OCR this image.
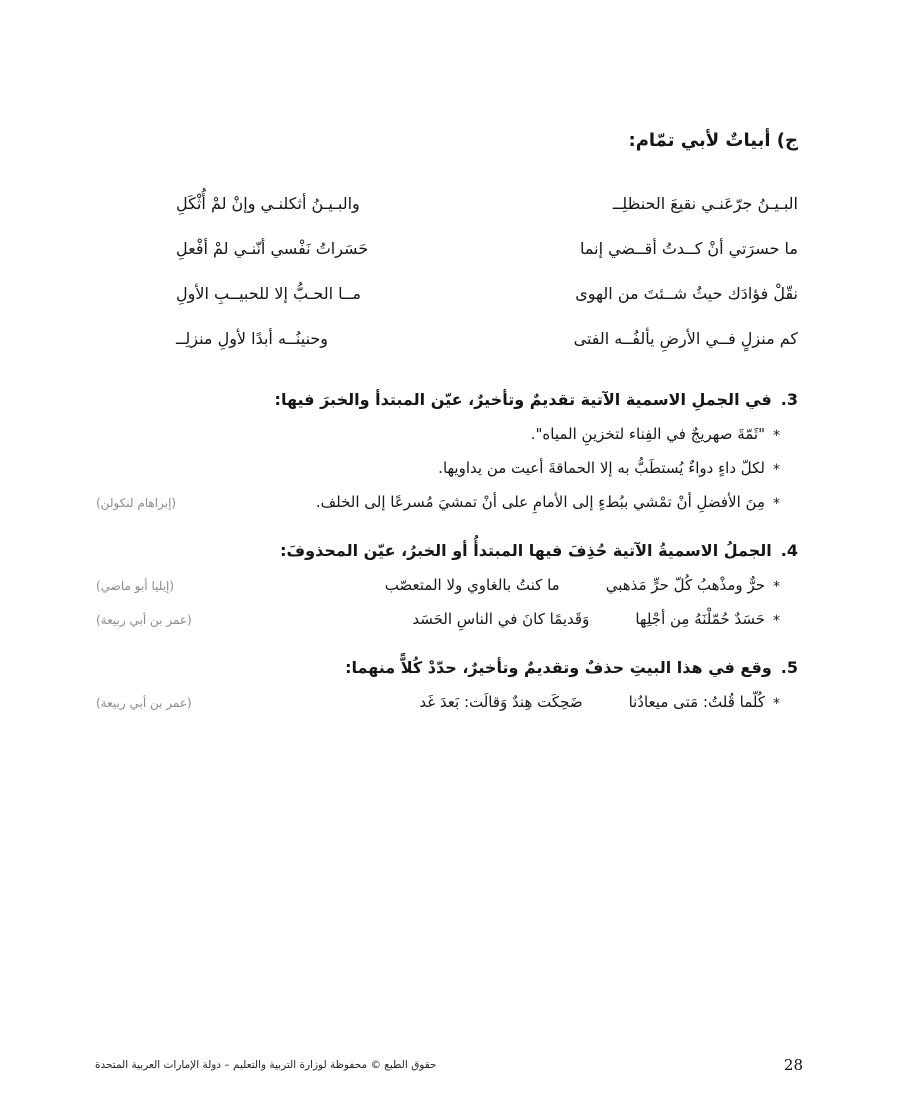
ج) أبياتٌ لأبي تمّام:
البـيـنُ جرّعَنـي نقيعَ الحنظلِــ
والبـيـنُ أثكلنـي وإنْ لمْ أُثْكَلِ
ما حسرَتي أنْ كــدتُ أقــضي إنما
حَسَراتُ نَفْسي أنّنـي لمْ أفْعلِ
نقّلْ فؤادَك حيثُ شــئتَ من الهوى
مــا الحـبُّ إلا للحبيــبِ الأولِ
كم منزلٍ فــي الأرضِ يألفُــه الفتى
وحنينُــه أبدًا لأولِ منزلِــ
3.
في الجملِ الاسمية الآتية تقديمٌ وتأخيرٌ، عيّن المبتدأ والخبرَ فيها:
*
"ثَمّةَ صهريجٌ في الفِناء لتخزينِ المياه".
*
لكلّ داءٍ دواءٌ يُستطَبُّ به إلا الحماقةَ أعيت من يداويها.
*
مِنَ الأفضلِ أنْ تمْشي ببُطءٍ إلى الأمامِ على أنْ تمشيَ مُسرعًا إلى الخلف.
(إبراهام لنكولن)
4.
الجملُ الاسميةُ الآتية حُذِفَ فيها المبتدأُ أو الخبرُ، عيّن المحذوفَ:
*
حرٌّ ومذْهبُ كُلّ حرٍّ مَذهبي
ما كنتُ بالغاوي ولا المتعصّب
(إيليا أبو ماضي)
*
حَسَدٌ حُمّلْنَهُ مِن أجْلِها
وَقَديمًا كانَ في الناسِ الحَسَد
(عمر بن أبي ربيعة)
5.
وقع في هذا البيتِ حذفٌ وتقديمٌ وتأخيرٌ، حدّدْ كُلاًّ منهما:
*
كُلّما قُلتُ: مَتى ميعادُنا
ضَحِكَت هِندٌ وَقالَت: بَعدَ غَد
(عمر بن أبي ربيعة)
حقوق الطبع © محفوظة لوزارة التربية والتعليم – دولة الإمارات العربية المتحدة	28
